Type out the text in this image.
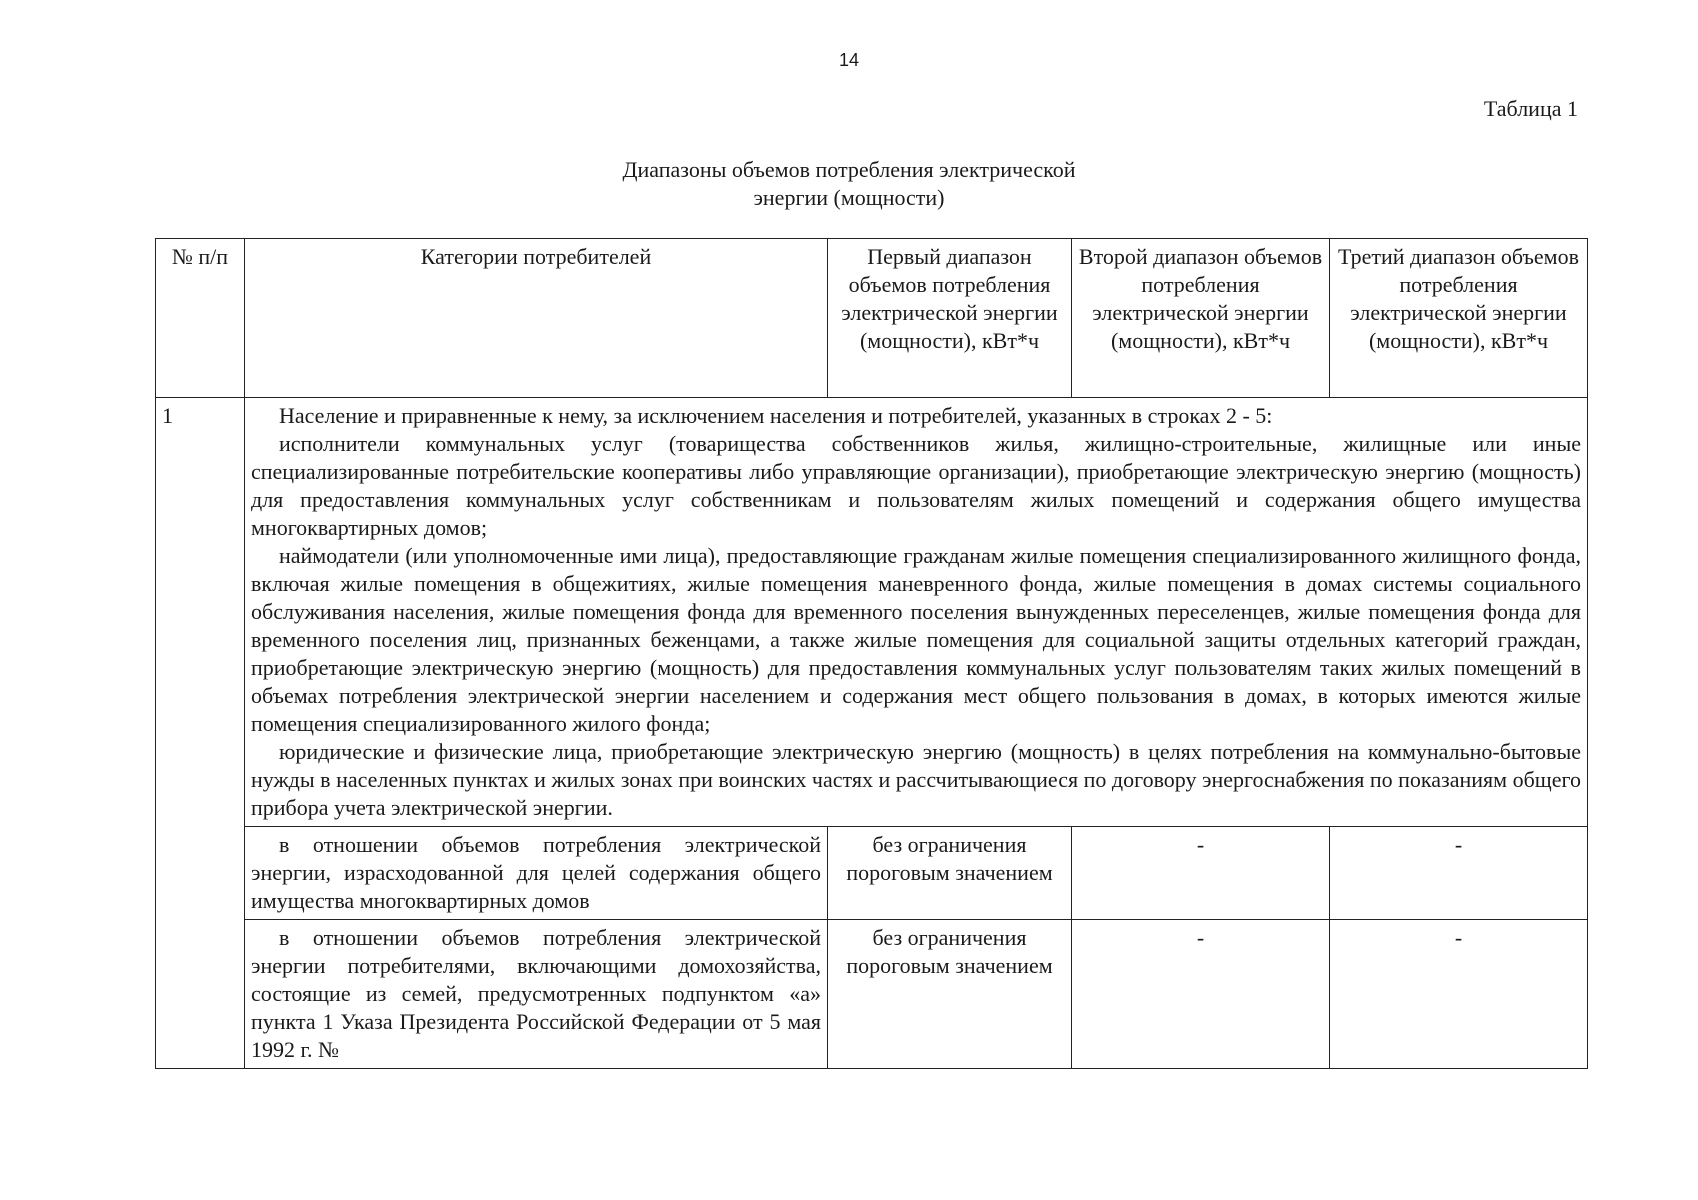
14
Таблица 1
Диапазоны объемов потребления электрической
энергии (мощности)
№ п/п	Категории потребителей	Первый диапазон объемов потребления электрической энергии (мощности), кВт*ч	Второй диапазон объемов потребления электрической энергии (мощности), кВт*ч	Третий диапазон объемов потребления электрической энергии (мощности), кВт*ч
1	Население и приравненные к нему, за исключением населения и потребителей, указанных в строках 2 - 5:

исполнители коммунальных услуг (товарищества собственников жилья, жилищно-строительные, жилищные или иные специализированные потребительские кооперативы либо управляющие организации), приобретающие электрическую энергию (мощность) для предоставления коммунальных услуг собственникам и пользователям жилых помещений и содержания общего имущества многоквартирных домов;

наймодатели (или уполномоченные ими лица), предоставляющие гражданам жилые помещения специализированного жилищного фонда, включая жилые помещения в общежитиях, жилые помещения маневренного фонда, жилые помещения в домах системы социального обслуживания населения, жилые помещения фонда для временного поселения вынужденных переселенцев, жилые помещения фонда для временного поселения лиц, признанных беженцами, а также жилые помещения для социальной защиты отдельных категорий граждан, приобретающие электрическую энергию (мощность) для предоставления коммунальных услуг пользователям таких жилых помещений в объемах потребления электрической энергии населением и содержания мест общего пользования в домах, в которых имеются жилые помещения специализированного жилого фонда;

юридические и физические лица, приобретающие электрическую энергию (мощность) в целях потребления на коммунально-бытовые нужды в населенных пунктах и жилых зонах при воинских частях и рассчитывающиеся по договору энергоснабжения по показаниям общего прибора учета электрической энергии.			

	в отношении объемов потребления электрической энергии, израсходованной для целей содержания общего имущества многоквартирных домов	без ограничения пороговым значением	-	-

	в отношении объемов потребления электрической энергии потребителями, включающими домохозяйства, состоящие из семей, предусмотренных подпунктом «а» пункта 1 Указа Президента Российской Федерации от 5 мая 1992 г. №	без ограничения пороговым значением	-	-
